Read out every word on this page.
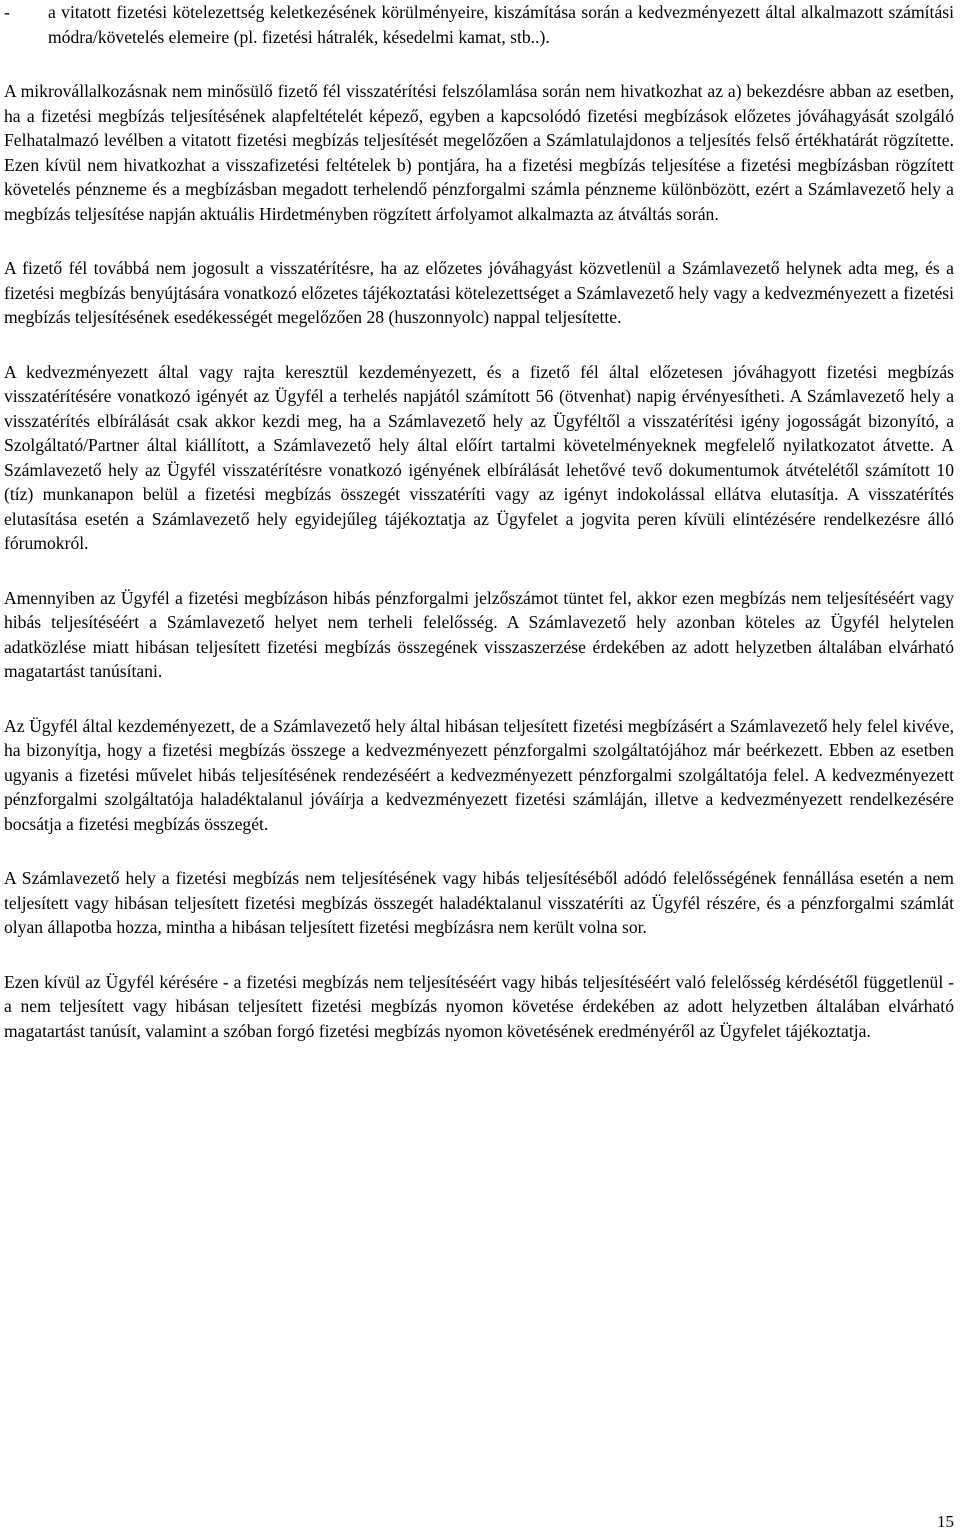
- a vitatott fizetési kötelezettség keletkezésének körülményeire, kiszámítása során a kedvezményezett által alkalmazott számítási módra/követelés elemeire (pl. fizetési hátralék, késedelmi kamat, stb..).

A mikrovállalkozásnak nem minősülő fizető fél visszatérítési felszólamlása során nem hivatkozhat az a) bekezdésre abban az esetben, ha a fizetési megbízás teljesítésének alapfeltételét képező, egyben a kapcsolódó fizetési megbízások előzetes jóváhagyását szolgáló Felhatalmazó levélben a vitatott fizetési megbízás teljesítését megelőzően a Számlatulajdonos a teljesítés felső értékhatárát rögzítette. Ezen kívül nem hivatkozhat a visszafizetési feltételek b) pontjára, ha a fizetési megbízás teljesítése a fizetési megbízásban rögzített követelés pénzneme és a megbízásban megadott terhelendő pénzforgalmi számla pénzneme különbözött, ezért a Számlavezető hely a megbízás teljesítése napján aktuális Hirdetményben rögzített árfolyamot alkalmazta az átváltás során.

A fizető fél továbbá nem jogosult a visszatérítésre, ha az előzetes jóváhagyást közvetlenül a Számlavezető helynek adta meg, és a fizetési megbízás benyújtására vonatkozó előzetes tájékoztatási kötelezettséget a Számlavezető hely vagy a kedvezményezett a fizetési megbízás teljesítésének esedékességét megelőzően 28 (huszonnyolc) nappal teljesítette.

A kedvezményezett által vagy rajta keresztül kezdeményezett, és a fizető fél által előzetesen jóváhagyott fizetési megbízás visszatérítésére vonatkozó igényét az Ügyfél a terhelés napjától számított 56 (ötvenhat) napig érvényesítheti. A Számlavezető hely a visszatérítés elbírálását csak akkor kezdi meg, ha a Számlavezető hely az Ügyféltől a visszatérítési igény jogosságát bizonyító, a Szolgáltató/Partner által kiállított, a Számlavezető hely által előírt tartalmi követelményeknek megfelelő nyilatkozatot átvette. A Számlavezető hely az Ügyfél visszatérítésre vonatkozó igényének elbírálását lehetővé tevő dokumentumok átvételétől számított 10 (tíz) munkanapon belül a fizetési megbízás összegét visszatéríti vagy az igényt indokolással ellátva elutasítja. A visszatérítés elutasítása esetén a Számlavezető hely egyidejűleg tájékoztatja az Ügyfelet a jogvita peren kívüli elintézésére rendelkezésre álló fórumokról.

Amennyiben az Ügyfél a fizetési megbízáson hibás pénzforgalmi jelzőszámot tüntet fel, akkor ezen megbízás nem teljesítéséért vagy hibás teljesítéséért a Számlavezető helyet nem terheli felelősség. A Számlavezető hely azonban köteles az Ügyfél helytelen adatközlése miatt hibásan teljesített fizetési megbízás összegének visszaszerzése érdekében az adott helyzetben általában elvárható magatartást tanúsítani.

Az Ügyfél által kezdeményezett, de a Számlavezető hely által hibásan teljesített fizetési megbízásért a Számlavezető hely felel kivéve, ha bizonyítja, hogy a fizetési megbízás összege a kedvezményezett pénzforgalmi szolgáltatójához már beérkezett. Ebben az esetben ugyanis a fizetési művelet hibás teljesítésének rendezéséért a kedvezményezett pénzforgalmi szolgáltatója felel. A kedvezményezett pénzforgalmi szolgáltatója haladéktalanul jóváírja a kedvezményezett fizetési számláján, illetve a kedvezményezett rendelkezésére bocsátja a fizetési megbízás összegét.

A Számlavezető hely a fizetési megbízás nem teljesítésének vagy hibás teljesítéséből adódó felelősségének fennállása esetén a nem teljesített vagy hibásan teljesített fizetési megbízás összegét haladéktalanul visszatéríti az Ügyfél részére, és a pénzforgalmi számlát olyan állapotba hozza, mintha a hibásan teljesített fizetési megbízásra nem került volna sor.

Ezen kívül az Ügyfél kérésére - a fizetési megbízás nem teljesítéséért vagy hibás teljesítéséért való felelősség kérdésétől függetlenül - a nem teljesített vagy hibásan teljesített fizetési megbízás nyomon követése érdekében az adott helyzetben általában elvárható magatartást tanúsít, valamint a szóban forgó fizetési megbízás nyomon követésének eredményéről az Ügyfelet tájékoztatja.

15
